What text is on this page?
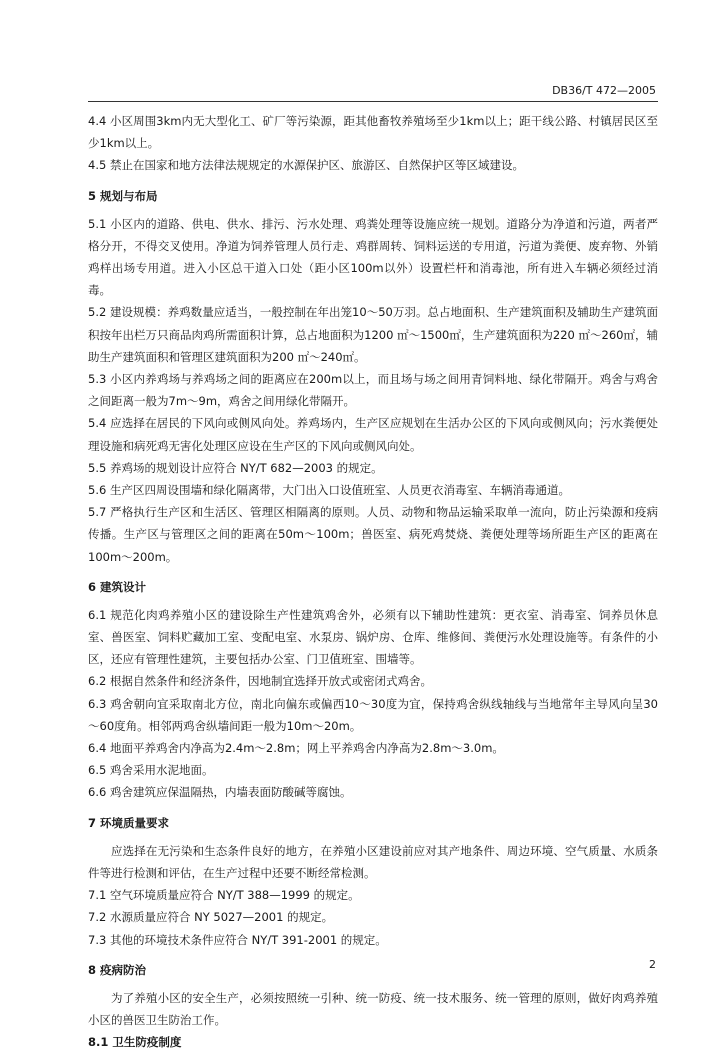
DB36/T 472—2005

4.4 小区周围3km内无大型化工、矿厂等污染源，距其他畜牧养殖场至少1km以上；距干线公路、村镇居民区至少1km以上。

4.5 禁止在国家和地方法律法规规定的水源保护区、旅游区、自然保护区等区域建设。

5 规划与布局

5.1 小区内的道路、供电、供水、排污、污水处理、鸡粪处理等设施应统一规划。道路分为净道和污道，两者严格分开，不得交叉使用。净道为饲养管理人员行走、鸡群周转、饲料运送的专用道，污道为粪便、废弃物、外销鸡样出场专用道。进入小区总干道入口处（距小区100m以外）设置栏杆和消毒池，所有进入车辆必须经过消毒。

5.2 建设规模：养鸡数量应适当，一般控制在年出笼10～50万羽。总占地面积、生产建筑面积及辅助生产建筑面积按年出栏万只商品肉鸡所需面积计算，总占地面积为1200 ㎡～1500㎡，生产建筑面积为220 ㎡～260㎡，辅助生产建筑面积和管理区建筑面积为200 ㎡～240㎡。

5.3 小区内养鸡场与养鸡场之间的距离应在200m以上，而且场与场之间用青饲料地、绿化带隔开。鸡舍与鸡舍之间距离一般为7m～9m，鸡舍之间用绿化带隔开。

5.4 应选择在居民的下风向或侧风向处。养鸡场内，生产区应规划在生活办公区的下风向或侧风向；污水粪便处理设施和病死鸡无害化处理区应设在生产区的下风向或侧风向处。

5.5 养鸡场的规划设计应符合 NY/T 682—2003 的规定。

5.6 生产区四周设围墙和绿化隔离带，大门出入口设值班室、人员更衣消毒室、车辆消毒通道。

5.7 严格执行生产区和生活区、管理区相隔离的原则。人员、动物和物品运输采取单一流向，防止污染源和疫病传播。生产区与管理区之间的距离在50m～100m；兽医室、病死鸡焚烧、粪便处理等场所距生产区的距离在100m～200m。

6 建筑设计

6.1 规范化肉鸡养殖小区的建设除生产性建筑鸡舍外，必须有以下辅助性建筑：更衣室、消毒室、饲养员休息室、兽医室、饲料贮藏加工室、变配电室、水泵房、锅炉房、仓库、维修间、粪便污水处理设施等。有条件的小区，还应有管理性建筑，主要包括办公室、门卫值班室、围墙等。

6.2 根据自然条件和经济条件，因地制宜选择开放式或密闭式鸡舍。

6.3 鸡舍朝向宜采取南北方位，南北向偏东或偏西10～30度为宜，保持鸡舍纵线轴线与当地常年主导风向呈30～60度角。相邻两鸡舍纵墙间距一般为10m～20m。

6.4 地面平养鸡舍内净高为2.4m～2.8m；网上平养鸡舍内净高为2.8m～3.0m。

6.5 鸡舍采用水泥地面。

6.6 鸡舍建筑应保温隔热，内墙表面防酸碱等腐蚀。

7 环境质量要求

应选择在无污染和生态条件良好的地方，在养殖小区建设前应对其产地条件、周边环境、空气质量、水质条件等进行检测和评估，在生产过程中还要不断经常检测。

7.1 空气环境质量应符合 NY/T 388—1999 的规定。

7.2 水源质量应符合 NY 5027—2001 的规定。

7.3 其他的环境技术条件应符合 NY/T 391-2001 的规定。

8 疫病防治

为了养殖小区的安全生产，必须按照统一引种、统一防疫、统一技术服务、统一管理的原则，做好肉鸡养殖小区的兽医卫生防治工作。

8.1 卫生防疫制度
2
